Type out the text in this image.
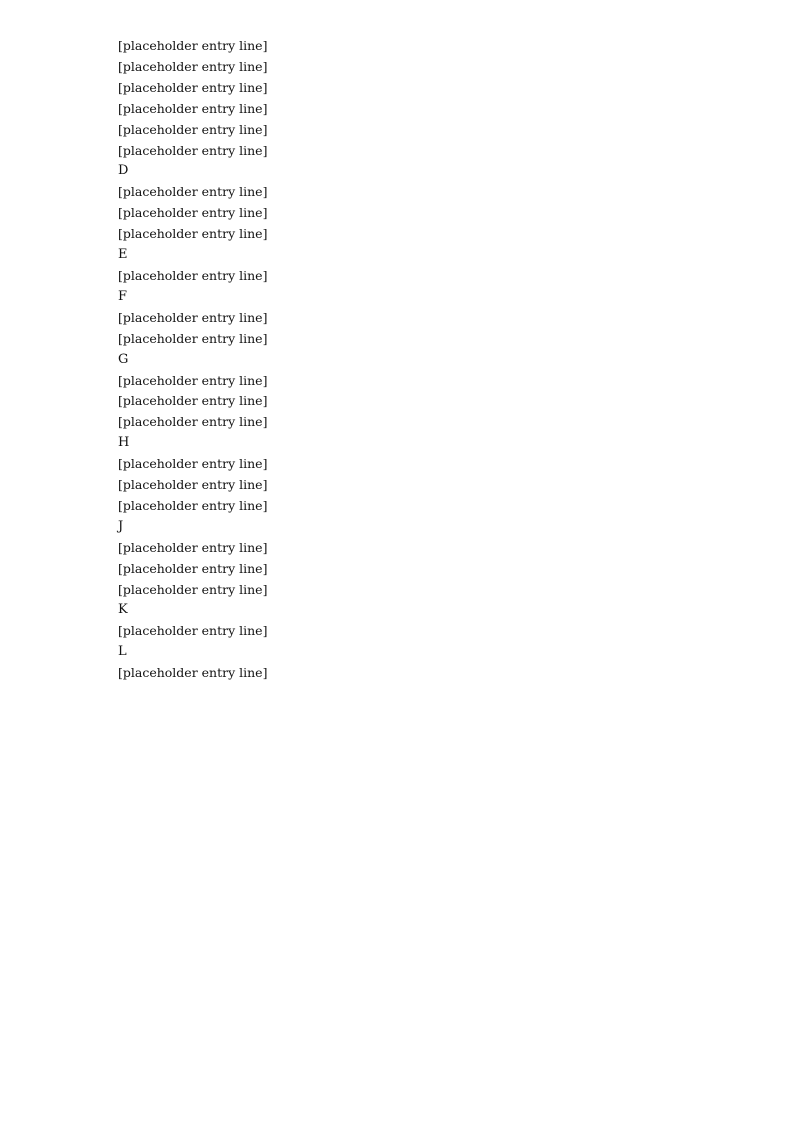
[placeholder entry line]
[placeholder entry line]
[placeholder entry line]
[placeholder entry line]
[placeholder entry line]
[placeholder entry line]
D
[placeholder entry line]
[placeholder entry line]
[placeholder entry line]
E
[placeholder entry line]
F
[placeholder entry line]
[placeholder entry line]
G
[placeholder entry line]
[placeholder entry line]
[placeholder entry line]
H
[placeholder entry line]
[placeholder entry line]
[placeholder entry line]
J
[placeholder entry line]
[placeholder entry line]
[placeholder entry line]
K
[placeholder entry line]
L
[placeholder entry line]
